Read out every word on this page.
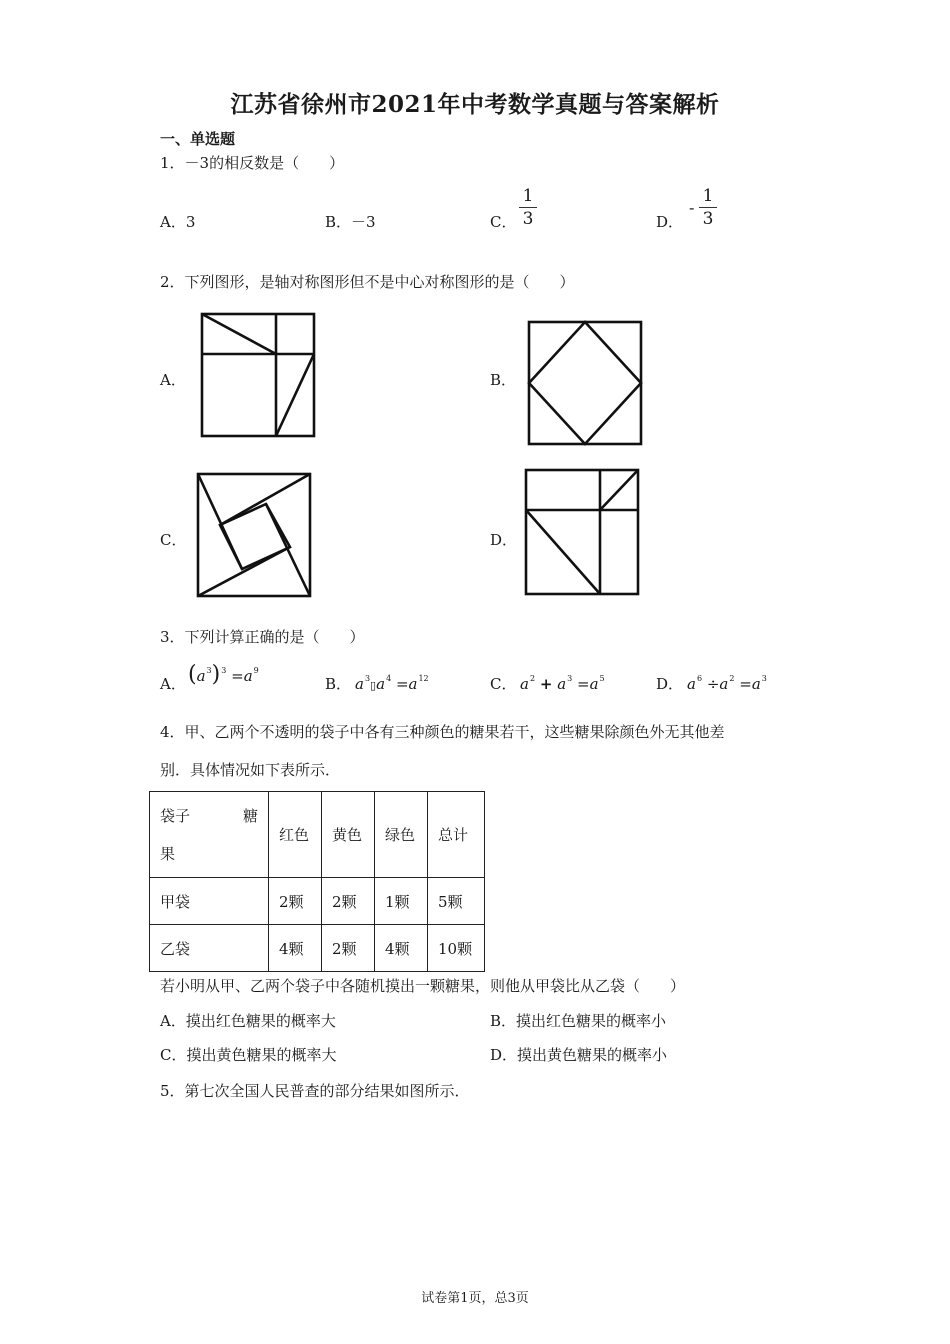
江苏省徐州市2021年中考数学真题与答案解析
一、单选题
1．－3的相反数是（　　）
A．3	B．－3	C．
1
3	D．
-
1
3
2．下列图形，是轴对称图形但不是中心对称图形的是（　　）
A．	B．
C．	D．
3．下列计算正确的是（　　）
A． $(a^3)^3 =a^9$
B． $a^3▯a^4 =a^{12}$	C． $a^2 + a^3 =a^5$	D． $a^6 \div a^2 =a^3$
4．甲、乙两个不透明的袋子中各有三种颜色的糖果若干，这些糖果除颜色外无其他差
别．具体情况如下表所示．
袋子 糖
果	红色	黄色	绿色	总计
甲袋	2颗	2颗	1颗	5颗
乙袋	4颗	2颗	4颗	10颗
若小明从甲、乙两个袋子中各随机摸出一颗糖果，则他从甲袋比从乙袋（　　）
A．摸出红色糖果的概率大	B．摸出红色糖果的概率小
C．摸出黄色糖果的概率大	D．摸出黄色糖果的概率小
5．第七次全国人民普查的部分结果如图所示．
试卷第1页，总3页
